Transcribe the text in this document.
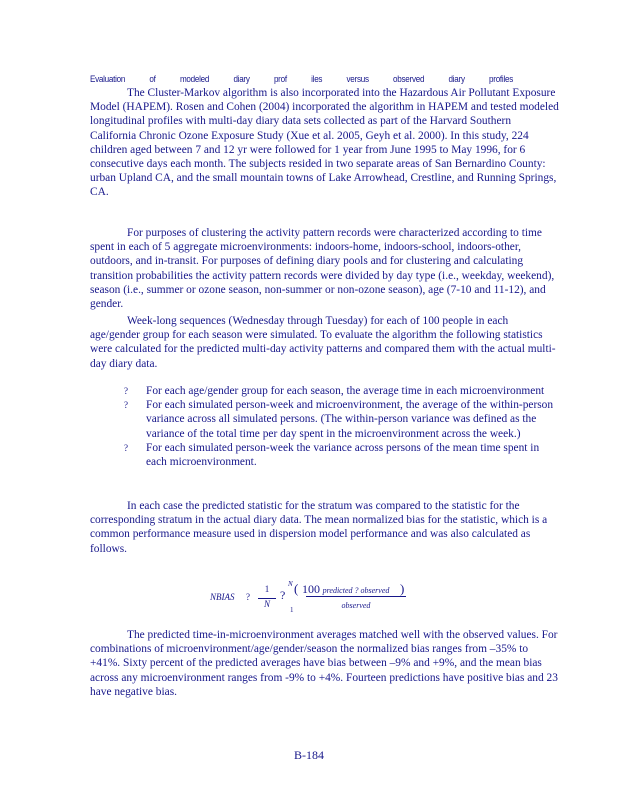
Evaluation	of	modeled	diary	prof	iles	versus	observed	diary	profiles

The Cluster-Markov algorithm is also incorporated into the Hazardous Air Pollutant Exposure Model (HAPEM). Rosen and Cohen (2004) incorporated the algorithm in HAPEM and tested modeled longitudinal profiles with multi-day diary data sets collected as part of the Harvard Southern California Chronic Ozone Exposure Study (Xue et al. 2005, Geyh et al. 2000). In this study, 224 children aged between 7 and 12 yr were followed for 1 year from June 1995 to May 1996, for 6 consecutive days each month. The subjects resided in two separate areas of San Bernardino County: urban Upland CA, and the small mountain towns of Lake Arrowhead, Crestline, and Running Springs, CA.

For purposes of clustering the activity pattern records were characterized according to time spent in each of 5 aggregate microenvironments: indoors-home, indoors-school, indoors-other, outdoors, and in-transit. For purposes of defining diary pools and for clustering and calculating transition probabilities the activity pattern records were divided by day type (i.e., weekday, weekend), season (i.e., summer or ozone season, non-summer or non-ozone season), age (7-10 and 11-12), and gender.

Week-long sequences (Wednesday through Tuesday) for each of 100 people in each age/gender group for each season were simulated. To evaluate the algorithm the following statistics were calculated for the predicted multi-day activity patterns and compared them with the actual multi-day diary data.

?	For each age/gender group for each season, the average time in each microenvironment
?	For each simulated person-week and microenvironment, the average of the within-person variance across all simulated persons. (The within-person variance was defined as the variance of the total time per day spent in the microenvironment across the week.)
?	For each simulated person-week the variance across persons of the mean time spent in each microenvironment.

In each case the predicted statistic for the stratum was compared to the statistic for the corresponding stratum in the actual diary data. The mean normalized bias for the statistic, which is a common performance measure used in dispersion model performance and was also calculated as follows.

NBIAS ? $\frac{1}{N}$ ?
N
1
( 100 predicted ? observed
observed
)

The predicted time-in-microenvironment averages matched well with the observed values. For combinations of microenvironment/age/gender/season the normalized bias ranges from –35% to +41%. Sixty percent of the predicted averages have bias between –9% and +9%, and the mean bias across any microenvironment ranges from -9% to +4%. Fourteen predictions have positive bias and 23 have negative bias.

B-184
